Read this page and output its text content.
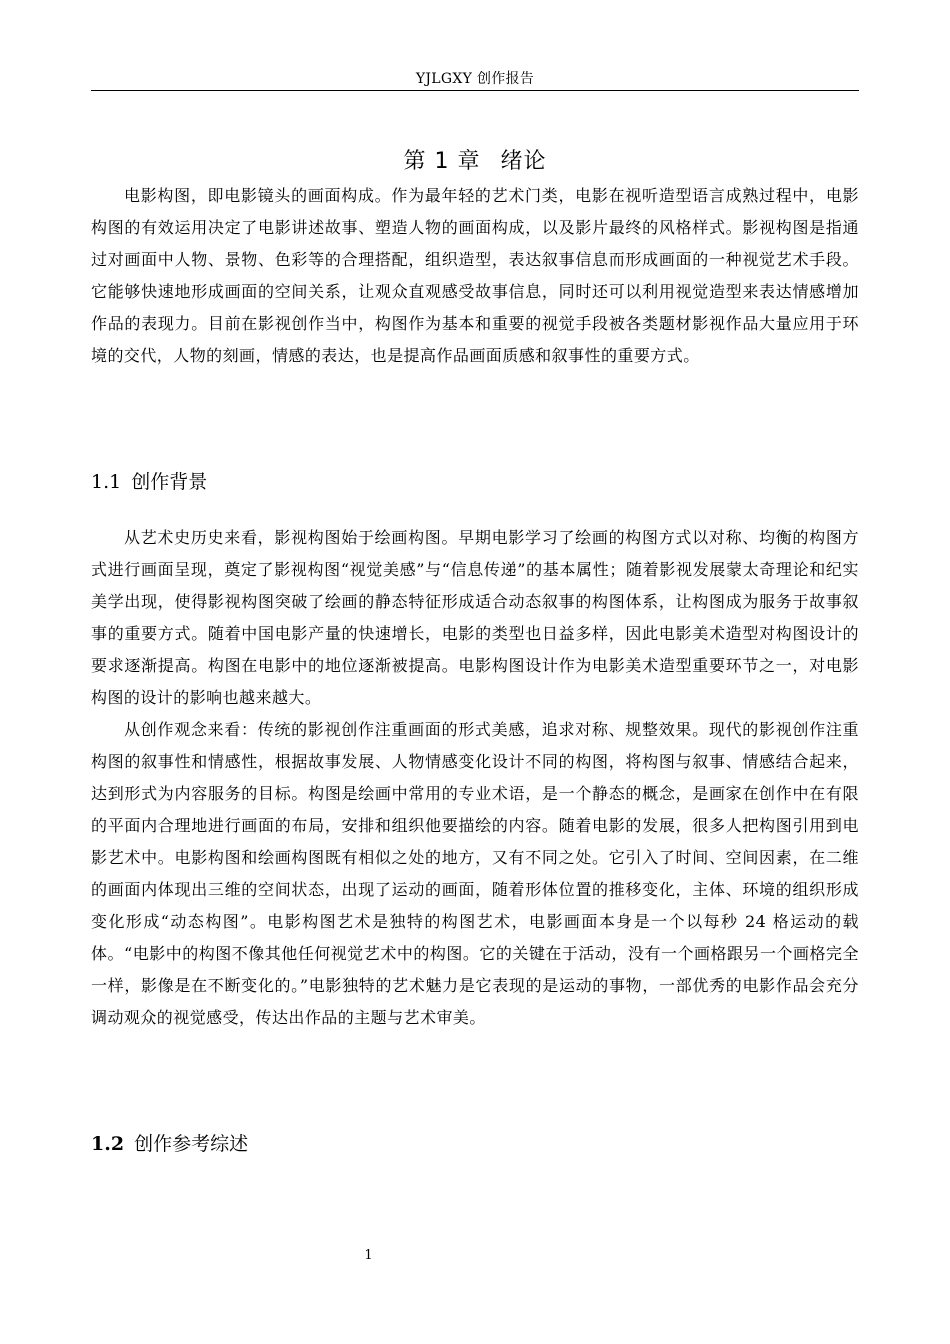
YJLGXY 创作报告
第 1 章 绪论

电影构图，即电影镜头的画面构成。作为最年轻的艺术门类，电影在视听造型语言成熟过程中，电影构图的有效运用决定了电影讲述故事、塑造人物的画面构成，以及影片最终的风格样式。影视构图是指通过对画面中人物、景物、色彩等的合理搭配，组织造型，表达叙事信息而形成画面的一种视觉艺术手段。它能够快速地形成画面的空间关系，让观众直观感受故事信息，同时还可以利用视觉造型来表达情感增加作品的表现力。目前在影视创作当中，构图作为基本和重要的视觉手段被各类题材影视作品大量应用于环境的交代，人物的刻画，情感的表达，也是提高作品画面质感和叙事性的重要方式。

1.1 创作背景

从艺术史历史来看，影视构图始于绘画构图。早期电影学习了绘画的构图方式以对称、均衡的构图方式进行画面呈现，奠定了影视构图“视觉美感”与“信息传递”的基本属性；随着影视发展蒙太奇理论和纪实美学出现，使得影视构图突破了绘画的静态特征形成适合动态叙事的构图体系，让构图成为服务于故事叙事的重要方式。随着中国电影产量的快速增长，电影的类型也日益多样，因此电影美术造型对构图设计的要求逐渐提高。构图在电影中的地位逐渐被提高。电影构图设计作为电影美术造型重要环节之一，对电影构图的设计的影响也越来越大。

从创作观念来看：传统的影视创作注重画面的形式美感，追求对称、规整效果。现代的影视创作注重构图的叙事性和情感性，根据故事发展、人物情感变化设计不同的构图，将构图与叙事、情感结合起来，达到形式为内容服务的目标。构图是绘画中常用的专业术语，是一个静态的概念，是画家在创作中在有限的平面内合理地进行画面的布局，安排和组织他要描绘的内容。随着电影的发展，很多人把构图引用到电影艺术中。电影构图和绘画构图既有相似之处的地方，又有不同之处。它引入了时间、空间因素，在二维的画面内体现出三维的空间状态，出现了运动的画面，随着形体位置的推移变化，主体、环境的组织形成变化形成“动态构图”。电影构图艺术是独特的构图艺术，电影画面本身是一个以每秒 24 格运动的载体。“电影中的构图不像其他任何视觉艺术中的构图。它的关键在于活动，没有一个画格跟另一个画格完全一样，影像是在不断变化的。”电影独特的艺术魅力是它表现的是运动的事物，一部优秀的电影作品会充分调动观众的视觉感受，传达出作品的主题与艺术审美。

1.2 创作参考综述
1
